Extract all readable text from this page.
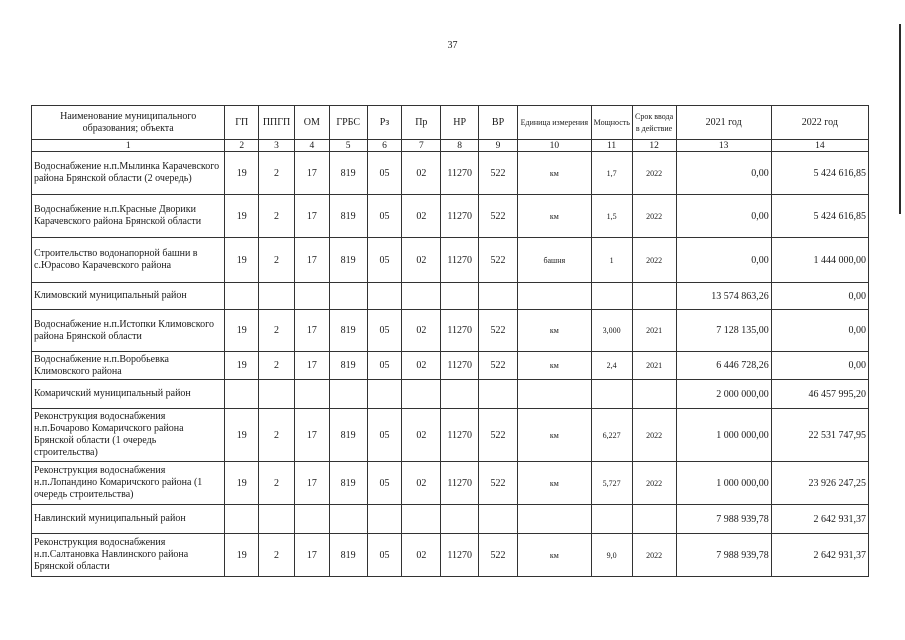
37
Наименование муниципального образования; объекта	ГП	ППГП	ОМ	ГРБС	Рз	Пр	НР	ВР	Единица измерения	Мощность	Срок ввода в действие	2021 год	2022 год
1	2	3	4	5	6	7	8	9	10	11	12	13	14
Водоснабжение н.п.Мылинка Карачевского района Брянской области (2 очередь)	19	2	17	819	05	02	11270	522	км	1,7	2022	0,00	5 424 616,85
Водоснабжение н.п.Красные Дворики Карачевского района Брянской области	19	2	17	819	05	02	11270	522	км	1,5	2022	0,00	5 424 616,85
Строительство водонапорной башни в с.Юрасово Карачевского района	19	2	17	819	05	02	11270	522	башня	1	2022	0,00	1 444 000,00
Климовский муниципальный район												13 574 863,26	0,00
Водоснабжение н.п.Истопки Климовского района Брянской области	19	2	17	819	05	02	11270	522	км	3,000	2021	7 128 135,00	0,00
Водоснабжение н.п.Воробьевка Климовского района	19	2	17	819	05	02	11270	522	км	2,4	2021	6 446 728,26	0,00
Комаричский муниципальный район												2 000 000,00	46 457 995,20
Реконструкция водоснабжения н.п.Бочарово Комаричского района Брянской области (1 очередь строительства)	19	2	17	819	05	02	11270	522	км	6,227	2022	1 000 000,00	22 531 747,95
Реконструкция водоснабжения н.п.Лопандино Комаричского района (1 очередь строительства)	19	2	17	819	05	02	11270	522	км	5,727	2022	1 000 000,00	23 926 247,25
Навлинский муниципальный район												7 988 939,78	2 642 931,37
Реконструкция водоснабжения н.п.Салтановка Навлинского района Брянской области	19	2	17	819	05	02	11270	522	км	9,0	2022	7 988 939,78	2 642 931,37
